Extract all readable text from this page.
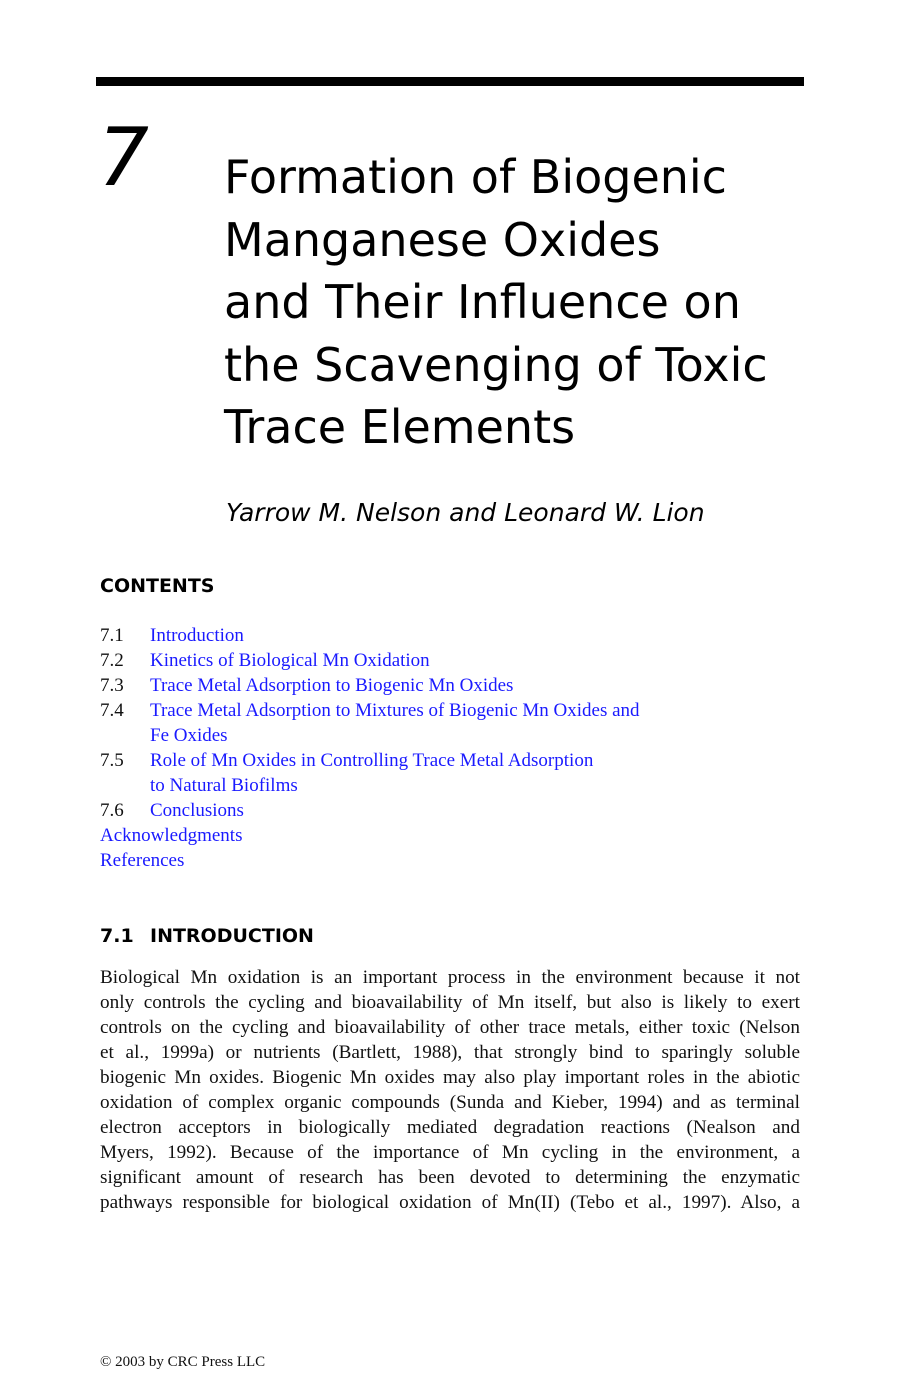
7 Formation of Biogenic
Manganese Oxides
and Their Influence on
the Scavenging of Toxic
Trace Elements
Yarrow M. Nelson and Leonard W. Lion
CONTENTS
7.1	Introduction
7.2	Kinetics of Biological Mn Oxidation
7.3	Trace Metal Adsorption to Biogenic Mn Oxides
7.4	Trace Metal Adsorption to Mixtures of Biogenic Mn Oxides and
Fe Oxides
7.5	Role of Mn Oxides in Controlling Trace Metal Adsorption
to Natural Biofilms
7.6	Conclusions
Acknowledgments
References
7.1 INTRODUCTION
Biological Mn oxidation is an important process in the environment because it not
only controls the cycling and bioavailability of Mn itself, but also is likely to exert
controls on the cycling and bioavailability of other trace metals, either toxic (Nelson
et al., 1999a) or nutrients (Bartlett, 1988), that strongly bind to sparingly soluble
biogenic Mn oxides. Biogenic Mn oxides may also play important roles in the abiotic
oxidation of complex organic compounds (Sunda and Kieber, 1994) and as terminal
electron acceptors in biologically mediated degradation reactions (Nealson and
Myers, 1992). Because of the importance of Mn cycling in the environment, a
significant amount of research has been devoted to determining the enzymatic
pathways responsible for biological oxidation of Mn(II) (Tebo et al., 1997). Also, a
© 2003 by CRC Press LLC
